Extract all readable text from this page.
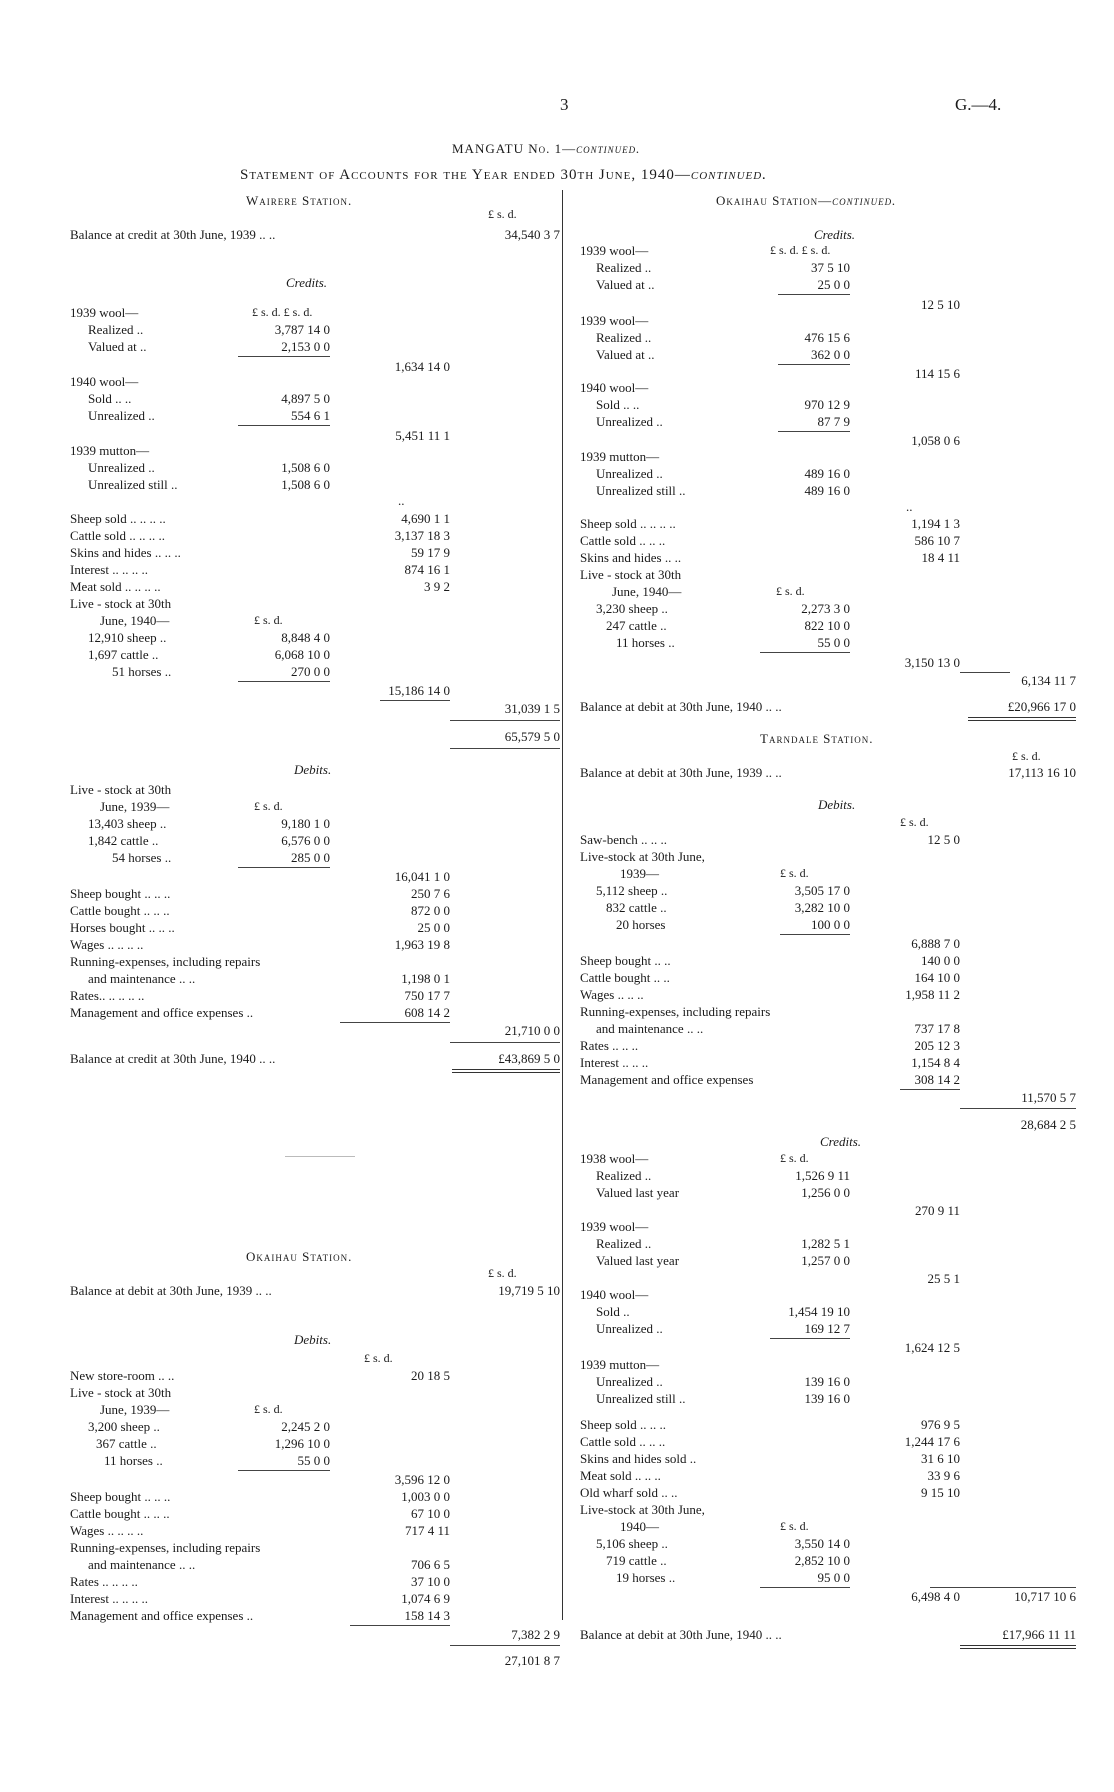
3	G.—4.
MANGATU No. 1—continued.
Statement of Accounts for the Year ended 30th June, 1940—continued.
Wairere Station.
£ s. d.
Balance at credit at 30th June, 1939 .. ..	34,540 3 7
Credits.
£ s. d. £ s. d.
1939 wool—
Realized ..	3,787 14 0
Valued at ..	2,153 0 0
1,634 14 0
1940 wool—
Sold .. ..	4,897 5 0
Unrealized ..	554 6 1
5,451 11 1
1939 mutton—
Unrealized ..	1,508 6 0
Unrealized still ..	1,508 6 0
..
Sheep sold .. .. .. ..	4,690 1 1
Cattle sold .. .. .. ..	3,137 18 3
Skins and hides .. .. ..	59 17 9
Interest .. .. .. ..	874 16 1
Meat sold .. .. .. ..	3 9 2
Live - stock at 30th
June, 1940—	£ s. d.
12,910 sheep ..	8,848 4 0
1,697 cattle ..	6,068 10 0
51 horses ..	270 0 0
15,186 14 0
31,039 1 5
65,579 5 0
Debits.
Live - stock at 30th
June, 1939—	£ s. d.
13,403 sheep ..	9,180 1 0
1,842 cattle ..	6,576 0 0
54 horses ..	285 0 0
16,041 1 0
Sheep bought .. .. ..	250 7 6
Cattle bought .. .. ..	872 0 0
Horses bought .. .. ..	25 0 0
Wages .. .. .. ..	1,963 19 8
Running-expenses, including repairs
and maintenance .. ..	1,198 0 1
Rates.. .. .. .. ..	750 17 7
Management and office expenses ..	608 14 2
21,710 0 0
Balance at credit at 30th June, 1940 .. ..	£43,869 5 0
Okaihau Station.
£ s. d.
Balance at debit at 30th June, 1939 .. ..	19,719 5 10
Debits.
£ s. d.
New store-room .. ..	20 18 5
Live - stock at 30th
June, 1939—	£ s. d.
3,200 sheep ..	2,245 2 0
367 cattle ..	1,296 10 0
11 horses ..	55 0 0
3,596 12 0
Sheep bought .. .. ..	1,003 0 0
Cattle bought .. .. ..	67 10 0
Wages .. .. .. ..	717 4 11
Running-expenses, including repairs
and maintenance .. ..	706 6 5
Rates .. .. .. ..	37 10 0
Interest .. .. .. ..	1,074 6 9
Management and office expenses ..	158 14 3
7,382 2 9
27,101 8 7
Okaihau Station—continued.
Credits.
£ s. d. £ s. d.
1939 wool—
Realized ..	37 5 10
Valued at ..	25 0 0
12 5 10
1939 wool—
Realized ..	476 15 6
Valued at ..	362 0 0
114 15 6
1940 wool—
Sold .. ..	970 12 9
Unrealized ..	87 7 9
1,058 0 6
1939 mutton—
Unrealized ..	489 16 0
Unrealized still ..	489 16 0
..
Sheep sold .. .. .. ..	1,194 1 3
Cattle sold .. .. ..	586 10 7
Skins and hides .. ..	18 4 11
Live - stock at 30th
June, 1940—	£ s. d.
3,230 sheep ..	2,273 3 0
247 cattle ..	822 10 0
11 horses ..	55 0 0
3,150 13 0
6,134 11 7
Balance at debit at 30th June, 1940 .. ..	£20,966 17 0
Tarndale Station.
£ s. d.
Balance at debit at 30th June, 1939 .. ..	17,113 16 10
Debits.
£ s. d.
Saw-bench .. .. ..	12 5 0
Live-stock at 30th June,
1939—	£ s. d.
5,112 sheep ..	3,505 17 0
832 cattle ..	3,282 10 0
20 horses	100 0 0
6,888 7 0
Sheep bought .. ..	140 0 0
Cattle bought .. ..	164 10 0
Wages .. .. ..	1,958 11 2
Running-expenses, including repairs
and maintenance .. ..	737 17 8
Rates .. .. ..	205 12 3
Interest .. .. ..	1,154 8 4
Management and office expenses	308 14 2
11,570 5 7
28,684 2 5
Credits.
£ s. d.
1938 wool—
Realized ..	1,526 9 11
Valued last year	1,256 0 0
270 9 11
1939 wool—
Realized ..	1,282 5 1
Valued last year	1,257 0 0
25 5 1
1940 wool—
Sold ..	1,454 19 10
Unrealized ..	169 12 7
1,624 12 5
1939 mutton—
Unrealized ..	139 16 0
Unrealized still ..	139 16 0
Sheep sold .. .. ..	976 9 5
Cattle sold .. .. ..	1,244 17 6
Skins and hides sold ..	31 6 10
Meat sold .. .. ..	33 9 6
Old wharf sold .. ..	9 15 10
Live-stock at 30th June,
1940—	£ s. d.
5,106 sheep ..	3,550 14 0
719 cattle ..	2,852 10 0
19 horses ..	95 0 0
6,498 4 0	10,717 10 6
Balance at debit at 30th June, 1940 .. ..	£17,966 11 11
